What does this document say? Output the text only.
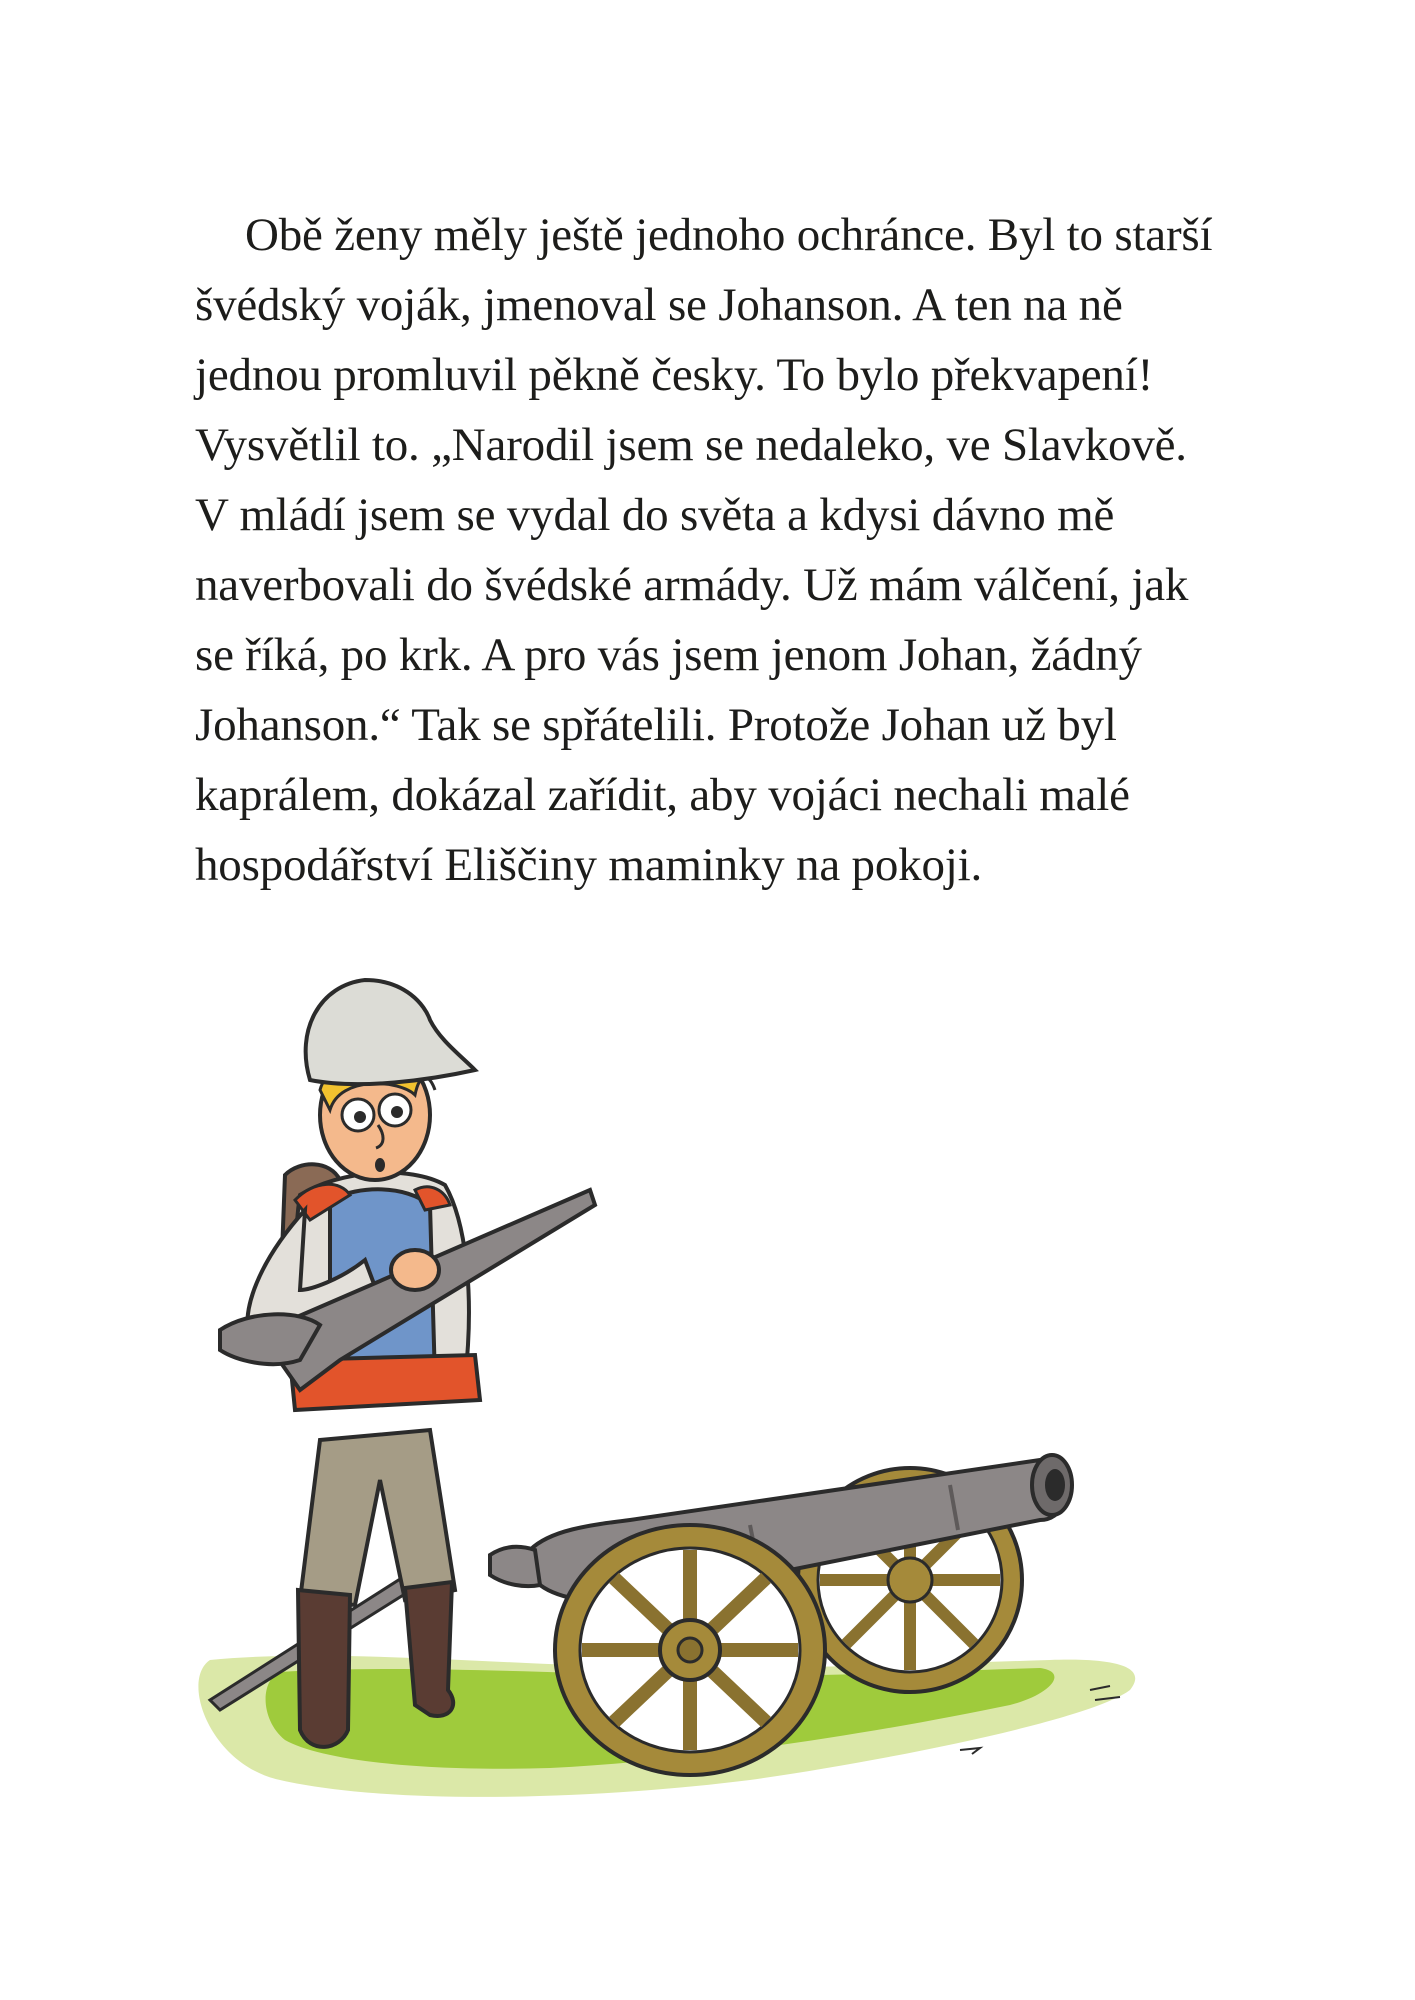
Obě ženy měly ještě jednoho ochránce. Byl to starší
švédský voják, jmenoval se Johanson. A ten na ně
jednou promluvil pěkně česky. To bylo překvapení!
Vysvětlil to. „Narodil jsem se nedaleko, ve Slavkově.
V mládí jsem se vydal do světa a kdysi dávno mě
naverbovali do švédské armády. Už mám válčení, jak
se říká, po krk. A pro vás jsem jenom Johan, žádný
Johanson.“ Tak se spřátelili. Protože Johan už byl
kaprálem, dokázal zařídit, aby vojáci nechali malé
hospodářství Eliščiny maminky na pokoji.
